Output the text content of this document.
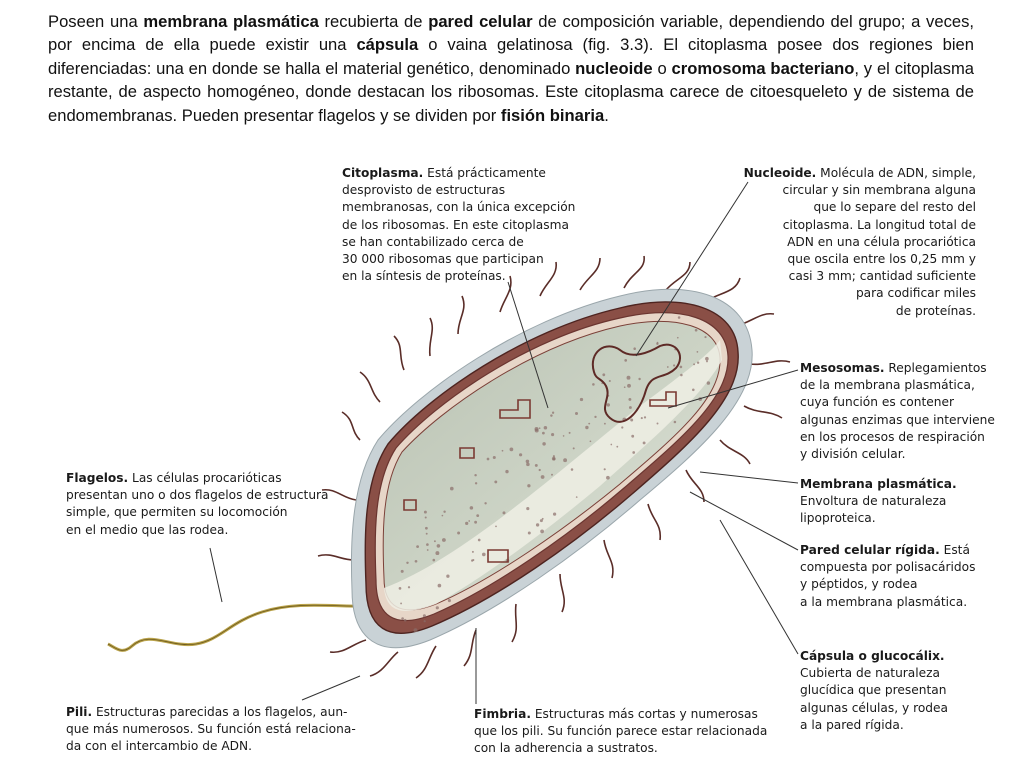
Poseen una membrana plasmática recubierta de pared celular de composición variable, dependiendo del grupo; a veces, por encima de ella puede existir una cápsula o vaina gelatinosa (fig. 3.3). El citoplasma posee dos regiones bien diferenciadas: una en donde se halla el material genético, denominado nucleoide o cromosoma bacteriano, y el citoplasma restante, de aspecto homogéneo, donde destacan los ribosomas. Este citoplasma carece de citoesqueleto y de sistema de endomembranas. Pueden presentar flagelos y se dividen por fisión binaria.
Citoplasma. Está prácticamente
desprovisto de estructuras
membranosas, con la única excepción
de los ribosomas. En este citoplasma
se han contabilizado cerca de
30 000 ribosomas que participan
en la síntesis de proteínas.
Nucleoide. Molécula de ADN, simple,
circular y sin membrana alguna
que lo separe del resto del
citoplasma. La longitud total de
ADN en una célula procariótica
que oscila entre los 0,25 mm y
casi 3 mm; cantidad suficiente
para codificar miles
de proteínas.
Mesosomas. Replegamientos
de la membrana plasmática,
cuya función es contener
algunas enzimas que interviene
en los procesos de respiración
y división celular.
Membrana plasmática.
Envoltura de naturaleza
lipoproteica.
Pared celular rígida. Está
compuesta por polisacáridos
y péptidos, y rodea
a la membrana plasmática.
Cápsula o glucocálix.
Cubierta de naturaleza
glucídica que presentan
algunas células, y rodea
a la pared rígida.
Flagelos. Las células procarióticas
presentan uno o dos flagelos de estructura
simple, que permiten su locomoción
en el medio que las rodea.
Pili. Estructuras parecidas a los flagelos, aun-
que más numerosos. Su función está relaciona-
da con el intercambio de ADN.
Fimbria. Estructuras más cortas y numerosas
que los pili. Su función parece estar relacionada
con la adherencia a sustratos.
